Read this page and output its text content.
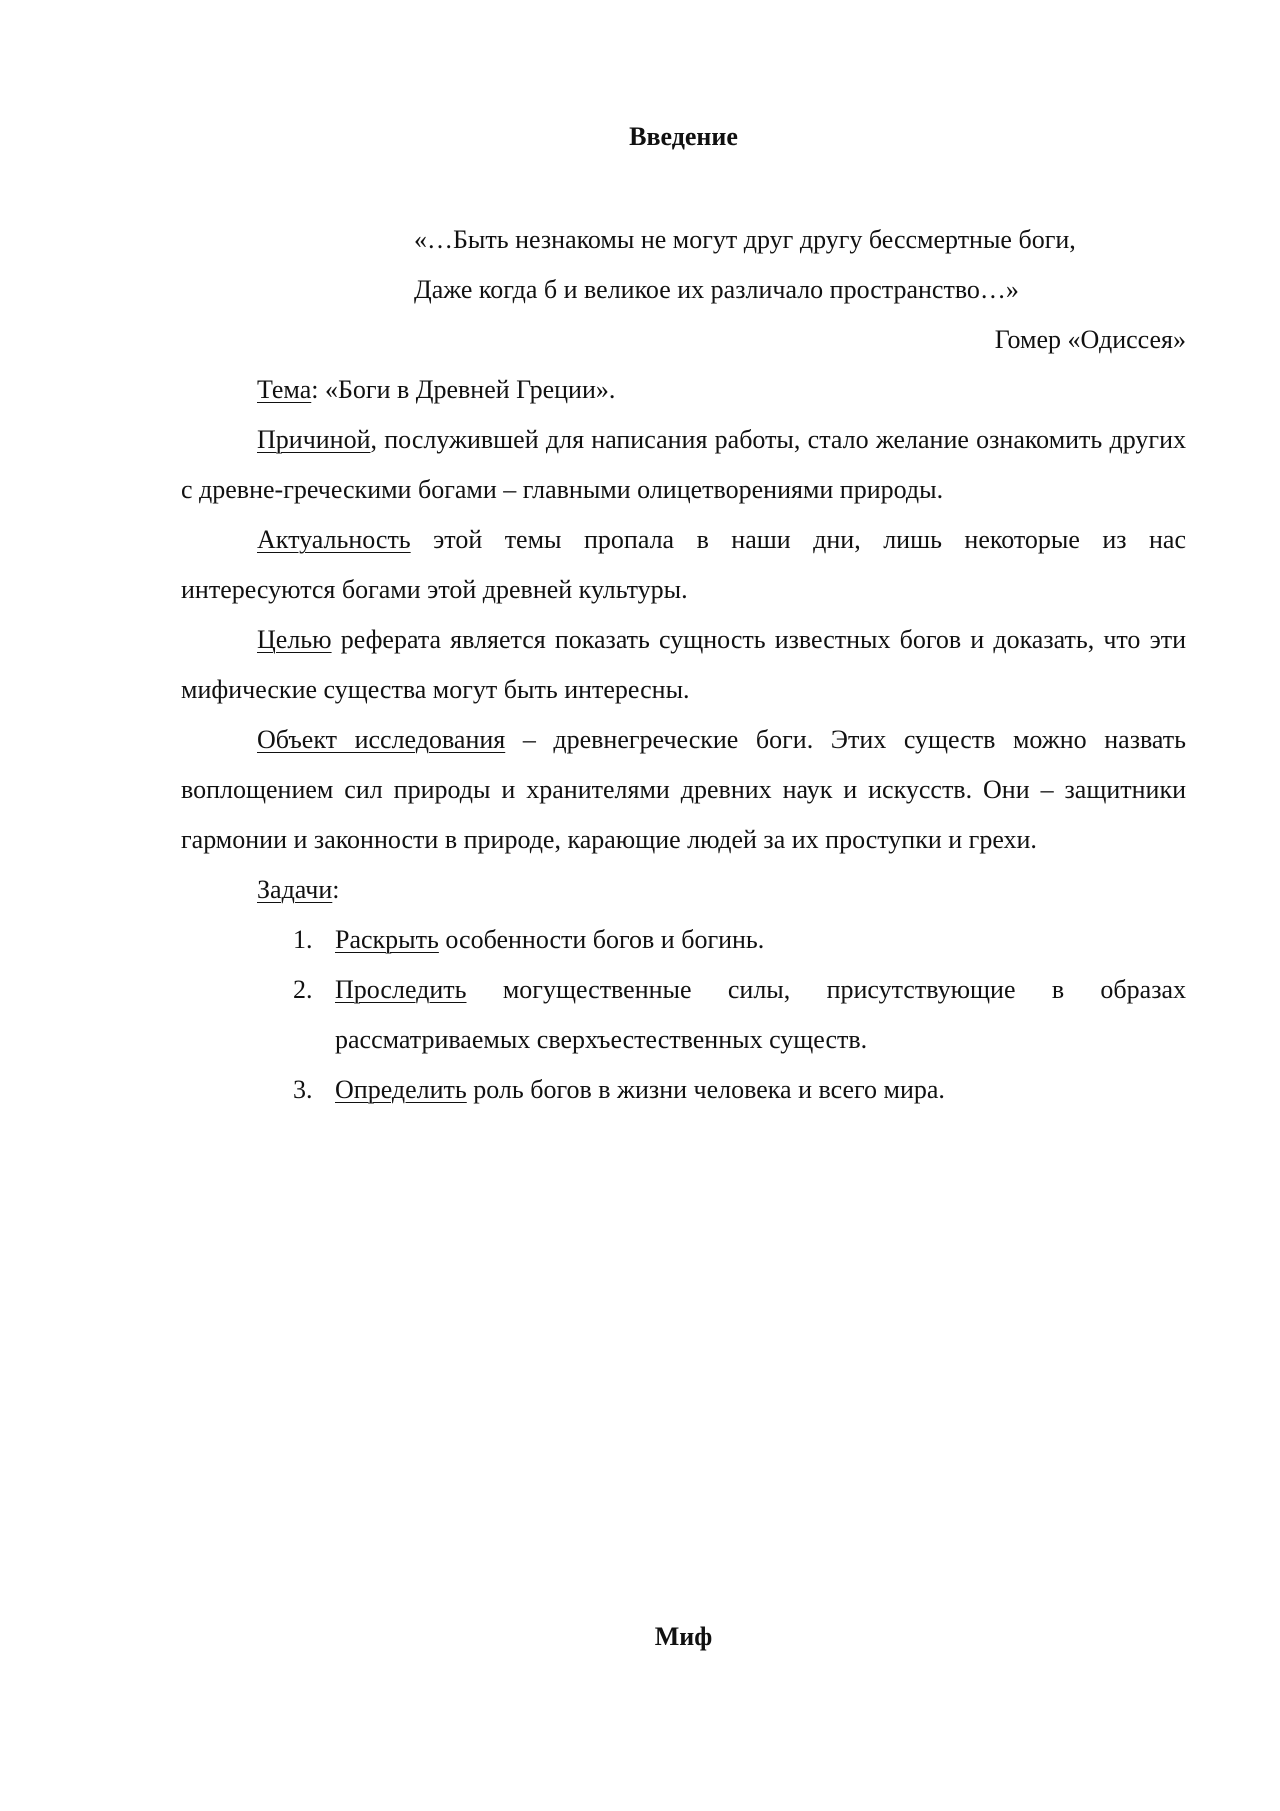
Введение
«…Быть незнакомы не могут друг другу бессмертные боги,
Даже когда б и великое их различало пространство…»
Гомер «Одиссея»

Тема: «Боги в Древней Греции».

Причиной, послужившей для написания работы, стало желание ознакомить других с древне-греческими богами – главными олицетворениями природы.

Актуальность этой темы пропала в наши дни, лишь некоторые из нас интересуются богами этой древней культуры.

Целью реферата является показать сущность известных богов и доказать, что эти мифические существа могут быть интересны.

Объект исследования – древнегреческие боги. Этих существ можно назвать воплощением сил природы и хранителями древних наук и искусств. Они – защитники гармонии и законности в природе, карающие людей за их проступки и грехи.

Задачи:

1. Раскрыть особенности богов и богинь.
2. Проследить могущественные силы, присутствующие в образах рассматриваемых сверхъестественных существ.
3. Определить роль богов в жизни человека и всего мира.
Миф
